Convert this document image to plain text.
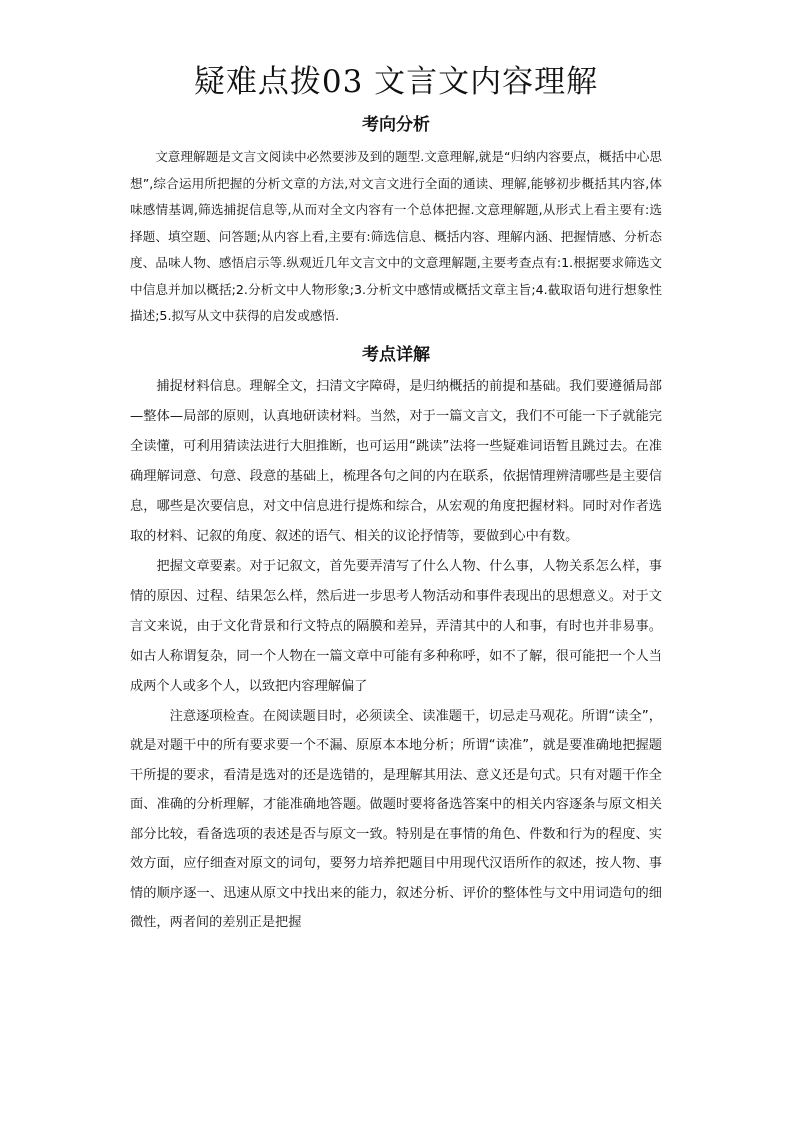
疑难点拨03 文言文内容理解
考向分析

文意理解题是文言文阅读中必然要涉及到的题型.文意理解,就是“归纳内容要点，概括中心思想”,综合运用所把握的分析文章的方法,对文言文进行全面的通读、理解,能够初步概括其内容,体味感情基调,筛选捕捉信息等,从而对全文内容有一个总体把握.文意理解题,从形式上看主要有:选择题、填空题、问答题;从内容上看,主要有:筛选信息、概括内容、理解内涵、把握情感、分析态度、品味人物、感悟启示等.纵观近几年文言文中的文意理解题,主要考查点有:1.根据要求筛选文中信息并加以概括;2.分析文中人物形象;3.分析文中感情或概括文章主旨;4.截取语句进行想象性描述;5.拟写从文中获得的启发或感悟.

考点详解

捕捉材料信息。理解全文，扫清文字障碍，是归纳概括的前提和基础。我们要遵循局部—整体—局部的原则，认真地研读材料。当然，对于一篇文言文，我们不可能一下子就能完全读懂，可利用猜读法进行大胆推断，也可运用“跳读”法将一些疑难词语暂且跳过去。在准确理解词意、句意、段意的基础上，梳理各句之间的内在联系，依据情理辨清哪些是主要信息，哪些是次要信息，对文中信息进行提炼和综合，从宏观的角度把握材料。同时对作者选取的材料、记叙的角度、叙述的语气、相关的议论抒情等，要做到心中有数。

把握文章要素。对于记叙文，首先要弄清写了什么人物、什么事，人物关系怎么样，事情的原因、过程、结果怎么样，然后进一步思考人物活动和事件表现出的思想意义。对于文言文来说，由于文化背景和行文特点的隔膜和差异，弄清其中的人和事，有时也并非易事。如古人称谓复杂，同一个人物在一篇文章中可能有多种称呼，如不了解，很可能把一个人当成两个人或多个人，以致把内容理解偏了

注意逐项检查。在阅读题目时，必须读全、读准题干，切忌走马观花。所谓“读全”，就是对题干中的所有要求要一个不漏、原原本本地分析；所谓“读准”，就是要准确地把握题干所提的要求，看清是选对的还是选错的，是理解其用法、意义还是句式。只有对题干作全面、准确的分析理解，才能准确地答题。做题时要将备选答案中的相关内容逐条与原文相关部分比较，看备选项的表述是否与原文一致。特别是在事情的角色、件数和行为的程度、实效方面，应仔细查对原文的词句，要努力培养把题目中用现代汉语所作的叙述，按人物、事情的顺序逐一、迅速从原文中找出来的能力，叙述分析、评价的整体性与文中用词造句的细微性，两者间的差别正是把握
